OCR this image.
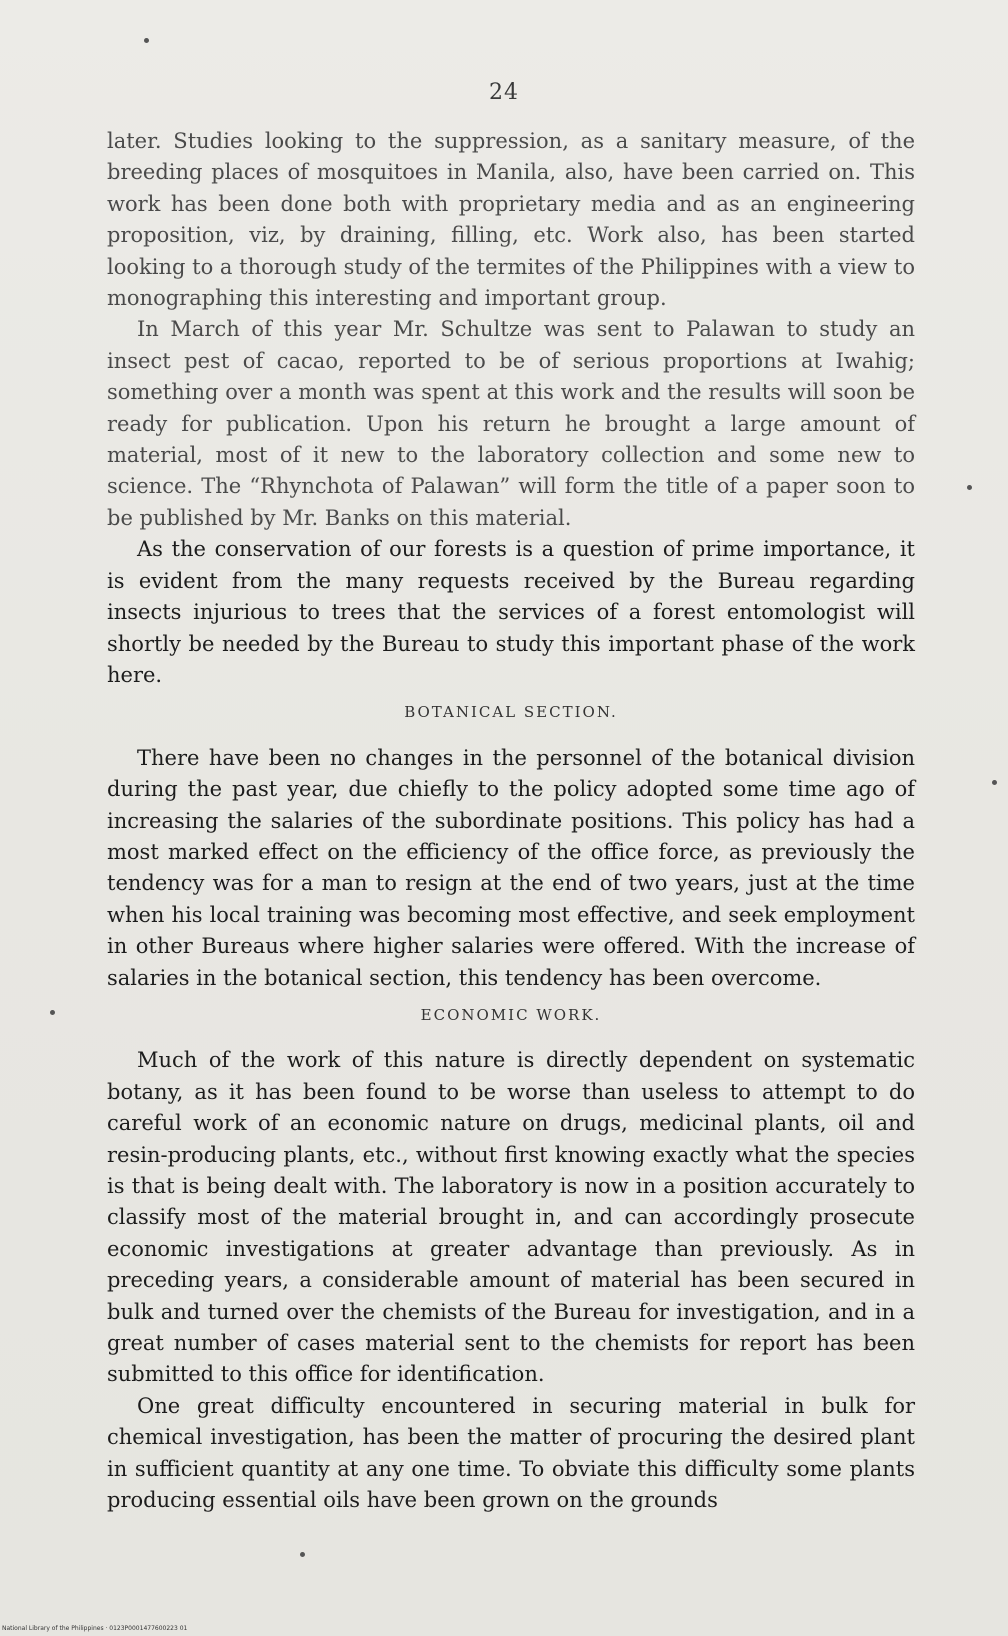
24

later. Studies looking to the suppression, as a sanitary measure, of the breeding places of mosquitoes in Manila, also, have been carried on. This work has been done both with proprietary media and as an engineering proposition, viz, by draining, filling, etc. Work also, has been started looking to a thorough study of the termites of the Philippines with a view to monographing this interesting and important group.

In March of this year Mr. Schultze was sent to Palawan to study an insect pest of cacao, reported to be of serious proportions at Iwahig; something over a month was spent at this work and the results will soon be ready for publication. Upon his return he brought a large amount of material, most of it new to the laboratory collection and some new to science. The “Rhynchota of Palawan” will form the title of a paper soon to be published by Mr. Banks on this material.

As the conservation of our forests is a question of prime importance, it is evident from the many requests received by the Bureau regarding insects injurious to trees that the services of a forest entomologist will shortly be needed by the Bureau to study this important phase of the work here.

BOTANICAL SECTION.

There have been no changes in the personnel of the botanical division during the past year, due chiefly to the policy adopted some time ago of increasing the salaries of the subordinate positions. This policy has had a most marked effect on the efficiency of the office force, as previously the tendency was for a man to resign at the end of two years, just at the time when his local training was becoming most effective, and seek employment in other Bureaus where higher salaries were offered. With the increase of salaries in the botanical section, this tendency has been overcome.

ECONOMIC WORK.

Much of the work of this nature is directly dependent on systematic botany, as it has been found to be worse than useless to attempt to do careful work of an economic nature on drugs, medicinal plants, oil and resin-producing plants, etc., without first knowing exactly what the species is that is being dealt with. The laboratory is now in a position accurately to classify most of the material brought in, and can accordingly prosecute economic investigations at greater advantage than previously. As in preceding years, a considerable amount of material has been secured in bulk and turned over the chemists of the Bureau for investigation, and in a great number of cases material sent to the chemists for report has been submitted to this office for identification.

One great difficulty encountered in securing material in bulk for chemical investigation, has been the matter of procuring the desired plant in sufficient quantity at any one time. To obviate this difficulty some plants producing essential oils have been grown on the grounds

National Library of the Philippines · 0123P0001477600223 01
